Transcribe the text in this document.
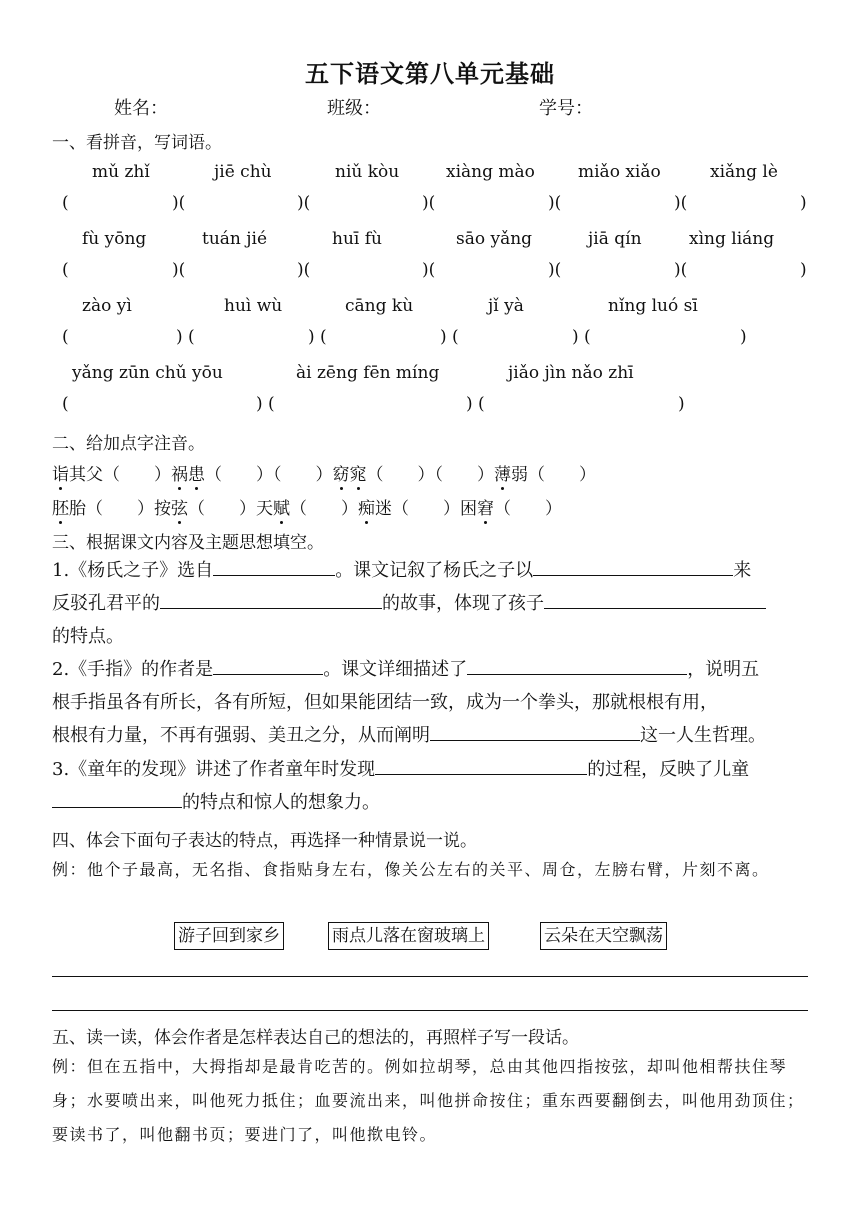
五下语文第八单元基础
姓名：	班级：	学号：
一、看拼音，写词语。
mǔ zhǐ	jiē chù	niǔ kòu	xiàng mào	miǎo xiǎo	xiǎng lè
(	)(	)(	)(	)(	)(	)
fù yōng	tuán jié	huī fù	sāo yǎng	jiā qín	xìng liáng
(	)(	)(	)(	)(	)(	)
zào yì	huì wù	cāng kù	jǐ yà	nǐng luó sī
(	) (	) (	) (	) (	)
yǎng zūn chǔ yōu	ài zēng fēn míng	jiǎo jìn nǎo zhī
(	) (	) (	)
二、给加点字注音。
诣其父（　　）祸患（　　）（　　）窈窕（　　）（　　）薄弱（　　）
胚胎（　　）按弦（　　）天赋（　　）痴迷（　　）困窘（　　）
三、根据课文内容及主题思想填空。
1.《杨氏之子》选自	。课文记叙了杨氏之子以	来
反驳孔君平的	的故事，体现了孩子
的特点。
2.《手指》的作者是	。课文详细描述了	，说明五
根手指虽各有所长，各有所短，但如果能团结一致，成为一个拳头，那就根根有用，
根根有力量，不再有强弱、美丑之分，从而阐明	这一人生哲理。
3.《童年的发现》讲述了作者童年时发现	的过程，反映了儿童
的特点和惊人的想象力。
四、体会下面句子表达的特点，再选择一种情景说一说。
例：他个子最高，无名指、食指贴身左右，像关公左右的关平、周仓，左膀右臂，片刻不离。
游子回到家乡	雨点儿落在窗玻璃上	云朵在天空飘荡
五、读一读，体会作者是怎样表达自己的想法的，再照样子写一段话。
例：但在五指中，大拇指却是最肯吃苦的。例如拉胡琴，总由其他四指按弦，却叫他相帮扶住琴身；水要喷出来，叫他死力抵住；血要流出来，叫他拼命按住；重东西要翻倒去，叫他用劲顶住；要读书了，叫他翻书页；要进门了，叫他揿电铃。
